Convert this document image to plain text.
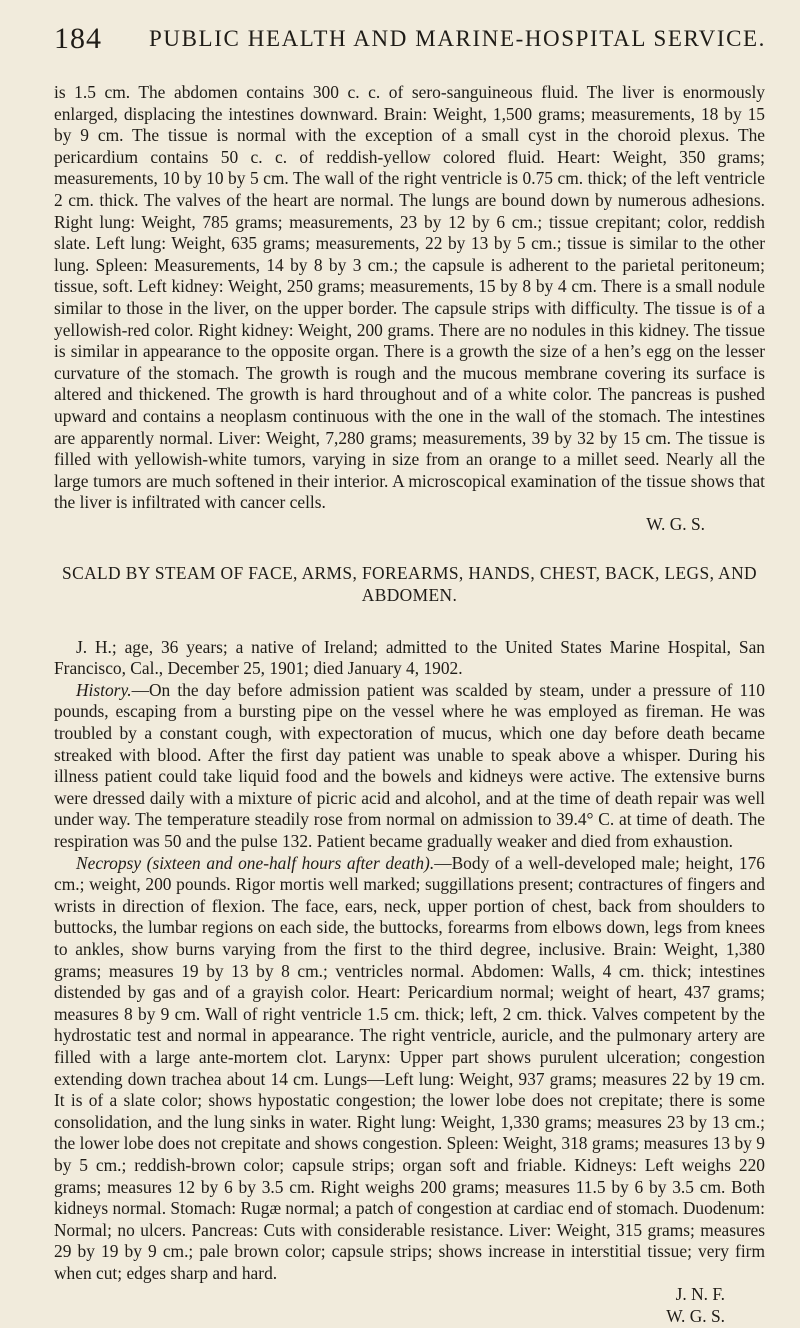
184 PUBLIC HEALTH AND MARINE-HOSPITAL SERVICE.

is 1.5 cm. The abdomen contains 300 c. c. of sero-sanguineous fluid. The liver is enormously enlarged, displacing the intestines downward. Brain: Weight, 1,500 grams; measurements, 18 by 15 by 9 cm. The tissue is normal with the exception of a small cyst in the choroid plexus. The pericardium contains 50 c. c. of reddish-yellow colored fluid. Heart: Weight, 350 grams; measurements, 10 by 10 by 5 cm. The wall of the right ventricle is 0.75 cm. thick; of the left ventricle 2 cm. thick. The valves of the heart are normal. The lungs are bound down by numerous adhesions. Right lung: Weight, 785 grams; measurements, 23 by 12 by 6 cm.; tissue crepitant; color, reddish slate. Left lung: Weight, 635 grams; measurements, 22 by 13 by 5 cm.; tissue is similar to the other lung. Spleen: Measurements, 14 by 8 by 3 cm.; the capsule is adherent to the parietal peritoneum; tissue, soft. Left kidney: Weight, 250 grams; measurements, 15 by 8 by 4 cm. There is a small nodule similar to those in the liver, on the upper border. The capsule strips with difficulty. The tissue is of a yellowish-red color. Right kidney: Weight, 200 grams. There are no nodules in this kidney. The tissue is similar in appearance to the opposite organ. There is a growth the size of a hen’s egg on the lesser curvature of the stomach. The growth is rough and the mucous membrane covering its surface is altered and thickened. The growth is hard throughout and of a white color. The pancreas is pushed upward and contains a neoplasm continuous with the one in the wall of the stomach. The intestines are apparently normal. Liver: Weight, 7,280 grams; measurements, 39 by 32 by 15 cm. The tissue is filled with yellowish-white tumors, varying in size from an orange to a millet seed. Nearly all the large tumors are much softened in their interior. A microscopical examination of the tissue shows that the liver is infiltrated with cancer cells.

W. G. S.

SCALD BY STEAM OF FACE, ARMS, FOREARMS, HANDS, CHEST, BACK, LEGS, AND ABDOMEN.

J. H.; age, 36 years; a native of Ireland; admitted to the United States Marine Hospital, San Francisco, Cal., December 25, 1901; died January 4, 1902.

History.—On the day before admission patient was scalded by steam, under a pressure of 110 pounds, escaping from a bursting pipe on the vessel where he was employed as fireman. He was troubled by a constant cough, with expectoration of mucus, which one day before death became streaked with blood. After the first day patient was unable to speak above a whisper. During his illness patient could take liquid food and the bowels and kidneys were active. The extensive burns were dressed daily with a mixture of picric acid and alcohol, and at the time of death repair was well under way. The temperature steadily rose from normal on admission to 39.4° C. at time of death. The respiration was 50 and the pulse 132. Patient became gradually weaker and died from exhaustion.

Necropsy (sixteen and one-half hours after death).—Body of a well-developed male; height, 176 cm.; weight, 200 pounds. Rigor mortis well marked; suggillations present; contractures of fingers and wrists in direction of flexion. The face, ears, neck, upper portion of chest, back from shoulders to buttocks, the lumbar regions on each side, the buttocks, forearms from elbows down, legs from knees to ankles, show burns varying from the first to the third degree, inclusive. Brain: Weight, 1,380 grams; measures 19 by 13 by 8 cm.; ventricles normal. Abdomen: Walls, 4 cm. thick; intestines distended by gas and of a grayish color. Heart: Pericardium normal; weight of heart, 437 grams; measures 8 by 9 cm. Wall of right ventricle 1.5 cm. thick; left, 2 cm. thick. Valves competent by the hydrostatic test and normal in appearance. The right ventricle, auricle, and the pulmonary artery are filled with a large ante-mortem clot. Larynx: Upper part shows purulent ulceration; congestion extending down trachea about 14 cm. Lungs—Left lung: Weight, 937 grams; measures 22 by 19 cm. It is of a slate color; shows hypostatic congestion; the lower lobe does not crepitate; there is some consolidation, and the lung sinks in water. Right lung: Weight, 1,330 grams; measures 23 by 13 cm.; the lower lobe does not crepitate and shows congestion. Spleen: Weight, 318 grams; measures 13 by 9 by 5 cm.; reddish-brown color; capsule strips; organ soft and friable. Kidneys: Left weighs 220 grams; measures 12 by 6 by 3.5 cm. Right weighs 200 grams; measures 11.5 by 6 by 3.5 cm. Both kidneys normal. Stomach: Rugæ normal; a patch of congestion at cardiac end of stomach. Duodenum: Normal; no ulcers. Pancreas: Cuts with considerable resistance. Liver: Weight, 315 grams; measures 29 by 19 by 9 cm.; pale brown color; capsule strips; shows increase in interstitial tissue; very firm when cut; edges sharp and hard.

J. N. F.

W. G. S.
